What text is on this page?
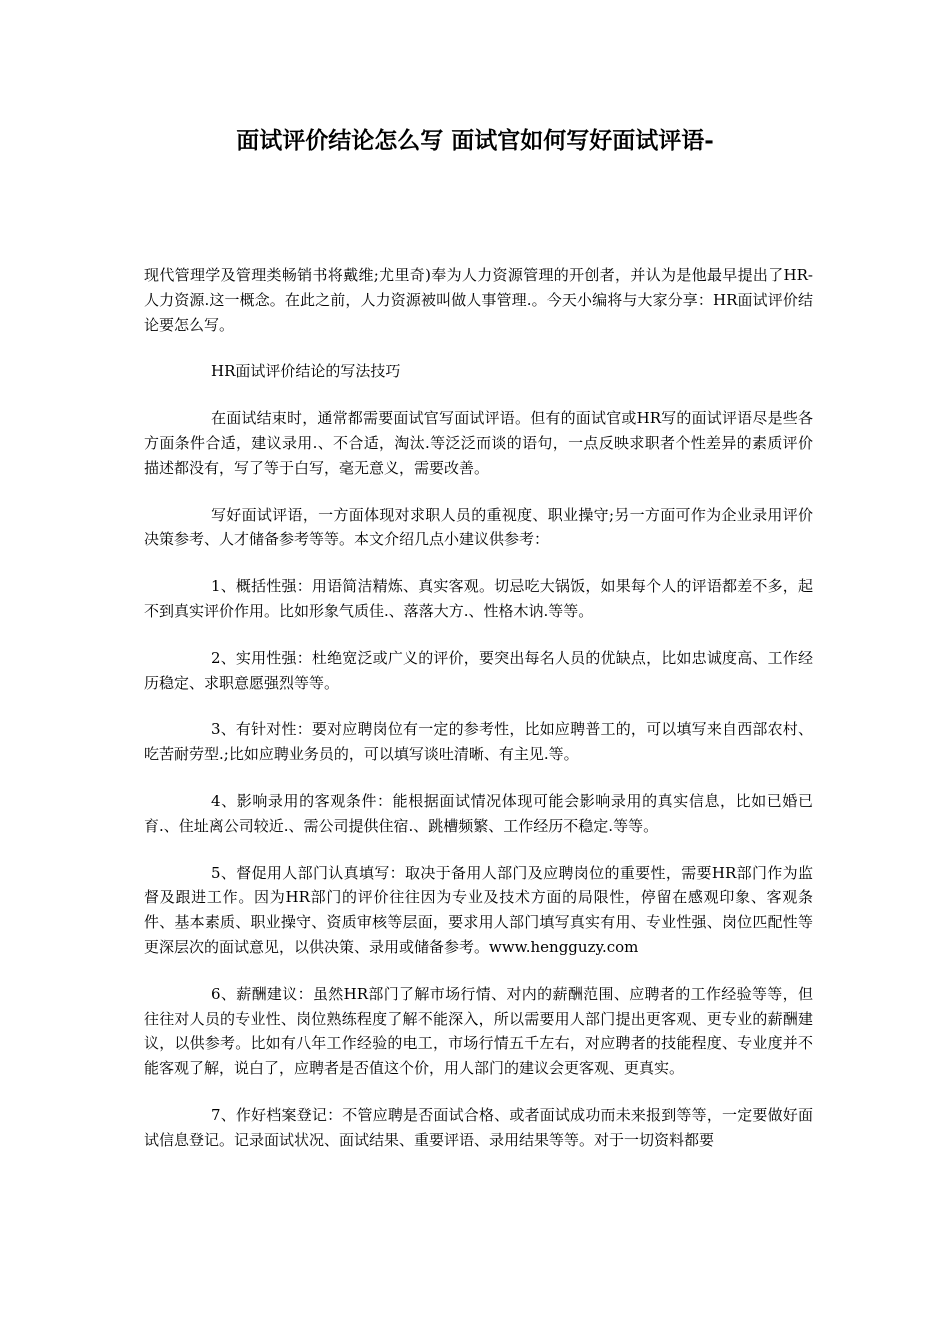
面试评价结论怎么写 面试官如何写好面试评语-

现代管理学及管理类畅销书将戴维;尤里奇)奉为人力资源管理的开创者，并认为是他最早提出了HR-人力资源.这一概念。在此之前，人力资源被叫做人事管理.。今天小编将与大家分享：HR面试评价结论要怎么写。

HR面试评价结论的写法技巧

在面试结束时，通常都需要面试官写面试评语。但有的面试官或HR写的面试评语尽是些各方面条件合适，建议录用.、不合适，淘汰.等泛泛而谈的语句，一点反映求职者个性差异的素质评价描述都没有，写了等于白写，毫无意义，需要改善。

写好面试评语，一方面体现对求职人员的重视度、职业操守;另一方面可作为企业录用评价决策参考、人才储备参考等等。本文介绍几点小建议供参考：

1、概括性强：用语简洁精炼、真实客观。切忌吃大锅饭，如果每个人的评语都差不多，起不到真实评价作用。比如形象气质佳.、落落大方.、性格木讷.等等。

2、实用性强：杜绝宽泛或广义的评价，要突出每名人员的优缺点，比如忠诚度高、工作经历稳定、求职意愿强烈等等。

3、有针对性：要对应聘岗位有一定的参考性，比如应聘普工的，可以填写来自西部农村、吃苦耐劳型.;比如应聘业务员的，可以填写谈吐清晰、有主见.等。

4、影响录用的客观条件：能根据面试情况体现可能会影响录用的真实信息，比如已婚已育.、住址离公司较近.、需公司提供住宿.、跳槽频繁、工作经历不稳定.等等。

5、督促用人部门认真填写：取决于备用人部门及应聘岗位的重要性，需要HR部门作为监督及跟进工作。因为HR部门的评价往往因为专业及技术方面的局限性，停留在感观印象、客观条件、基本素质、职业操守、资质审核等层面，要求用人部门填写真实有用、专业性强、岗位匹配性等更深层次的面试意见，以供决策、录用或储备参考。www.hengguzy.com

6、薪酬建议：虽然HR部门了解市场行情、对内的薪酬范围、应聘者的工作经验等等，但往往对人员的专业性、岗位熟练程度了解不能深入，所以需要用人部门提出更客观、更专业的薪酬建议，以供参考。比如有八年工作经验的电工，市场行情五千左右，对应聘者的技能程度、专业度并不能客观了解，说白了，应聘者是否值这个价，用人部门的建议会更客观、更真实。

7、作好档案登记：不管应聘是否面试合格、或者面试成功而未来报到等等，一定要做好面试信息登记。记录面试状况、面试结果、重要评语、录用结果等等。对于一切资料都要
